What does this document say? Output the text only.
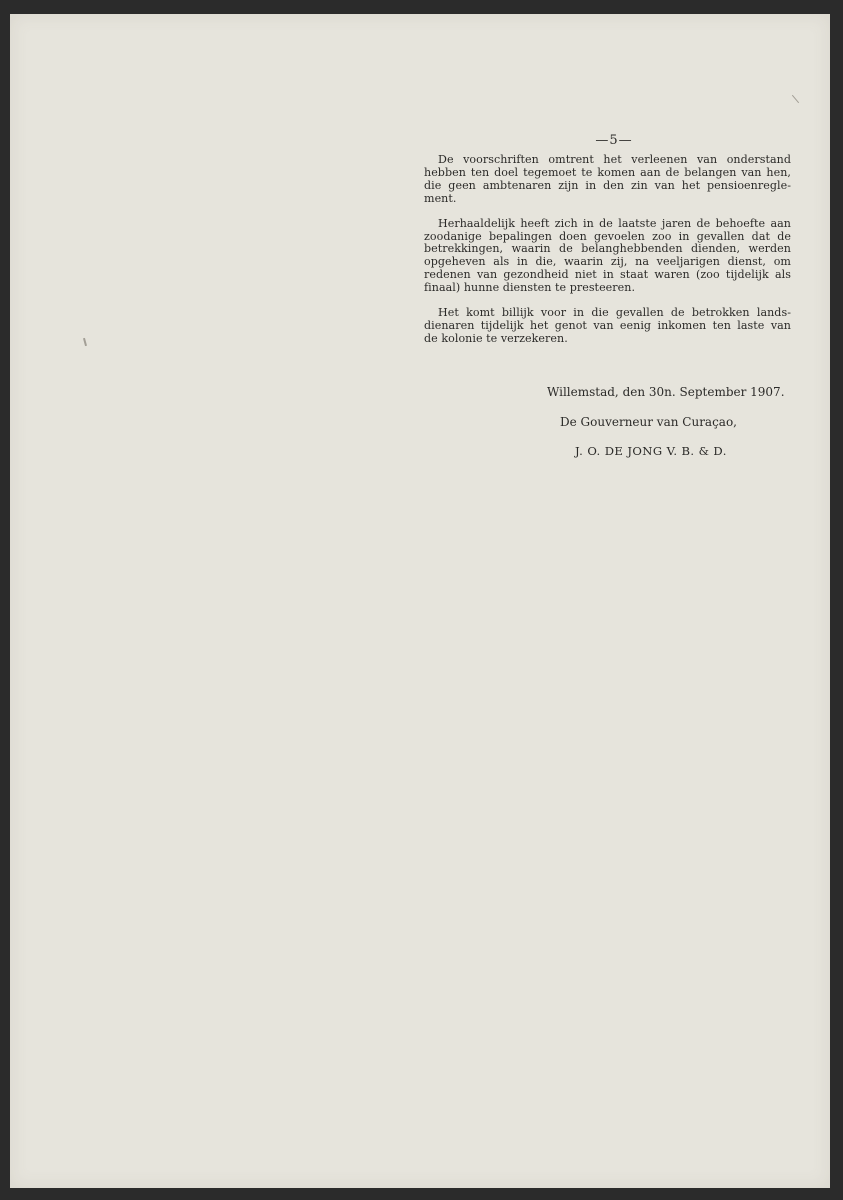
—5—
De voorschriften omtrent het verleenen van onderstand
hebben ten doel tegemoet te komen aan de belangen van hen,
die geen ambtenaren zijn in den zin van het pensioenregle-
ment.
Herhaaldelijk heeft zich in de laatste jaren de behoefte aan
zoodanige bepalingen doen gevoelen zoo in gevallen dat de
betrekkingen, waarin de belanghebbenden dienden, werden
opgeheven als in die, waarin zij, na veeljarigen dienst, om
redenen van gezondheid niet in staat waren (zoo tijdelijk als
finaal) hunne diensten te presteeren.
Het komt billijk voor in die gevallen de betrokken lands-
dienaren tijdelijk het genot van eenig inkomen ten laste van
de kolonie te verzekeren.
Willemstad, den 30n. September 1907.
De Gouverneur van Curaçao,
J. O. DE JONG V. B. & D.
